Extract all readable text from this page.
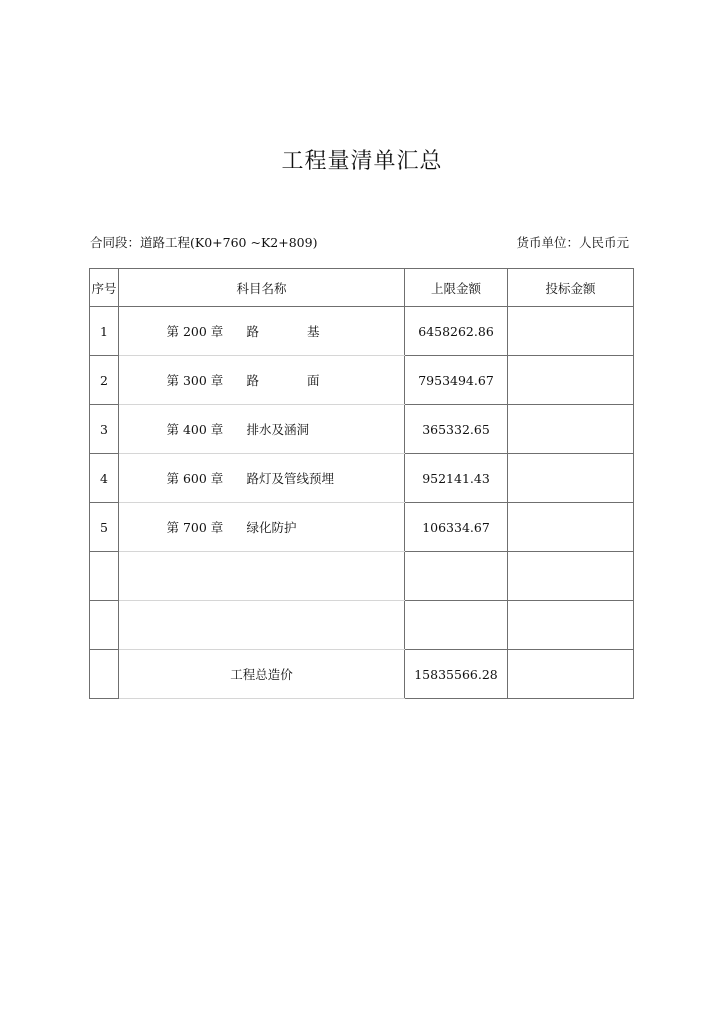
工程量清单汇总
合同段：道路工程(K0+760 ~K2+809)	货币单位：人民币元
序号	科目名称	上限金额	投标金额
1	第 200 章 路 基	6458262.86	
2	第 300 章 路 面	7953494.67	
3	第 400 章 排水及涵洞	365332.65	
4	第 600 章 路灯及管线预埋	952141.43	
5	第 700 章 绿化防护	106334.67	

	工程总造价	15835566.28	
